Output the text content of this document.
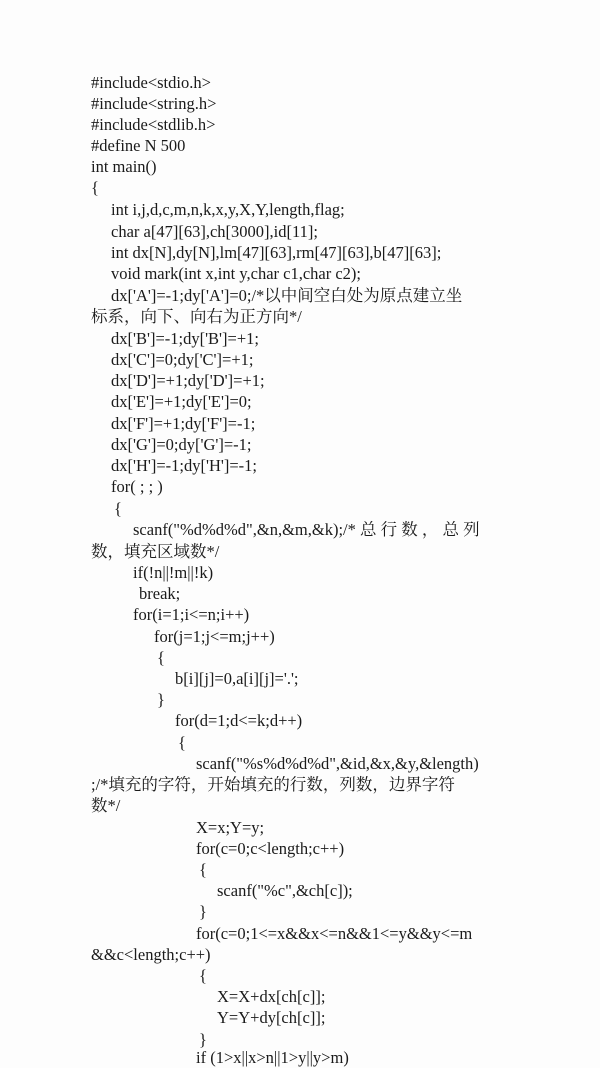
#include<stdio.h>
#include<string.h>
#include<stdlib.h>
#define N 500
int main()
{
int i,j,d,c,m,n,k,x,y,X,Y,length,flag;
char a[47][63],ch[3000],id[11];
int dx[N],dy[N],lm[47][63],rm[47][63],b[47][63];
void mark(int x,int y,char c1,char c2);
dx['A']=-1;dy['A']=0;/*以中间空白处为原点建立坐
标系，向下、向右为正方向*/
dx['B']=-1;dy['B']=+1;
dx['C']=0;dy['C']=+1;
dx['D']=+1;dy['D']=+1;
dx['E']=+1;dy['E']=0;
dx['F']=+1;dy['F']=-1;
dx['G']=0;dy['G']=-1;
dx['H']=-1;dy['H']=-1;
for( ; ; )
{
scanf("%d%d%d",&n,&m,&k);/* 总 行 数 ， 总 列
数，填充区域数*/
if(!n||!m||!k)
break;
for(i=1;i<=n;i++)
for(j=1;j<=m;j++)
{
b[i][j]=0,a[i][j]='.';
}
for(d=1;d<=k;d++)
{
scanf("%s%d%d%d",&id,&x,&y,&length)
;/*填充的字符，开始填充的行数，列数，边界字符
数*/
X=x;Y=y;
for(c=0;c<length;c++)
{
scanf("%c",&ch[c]);
}
for(c=0;1<=x&&x<=n&&1<=y&&y<=m
&&c<length;c++)
{
X=X+dx[ch[c]];
Y=Y+dy[ch[c]];
}
if (1>x||x>n||1>y||y>m)
